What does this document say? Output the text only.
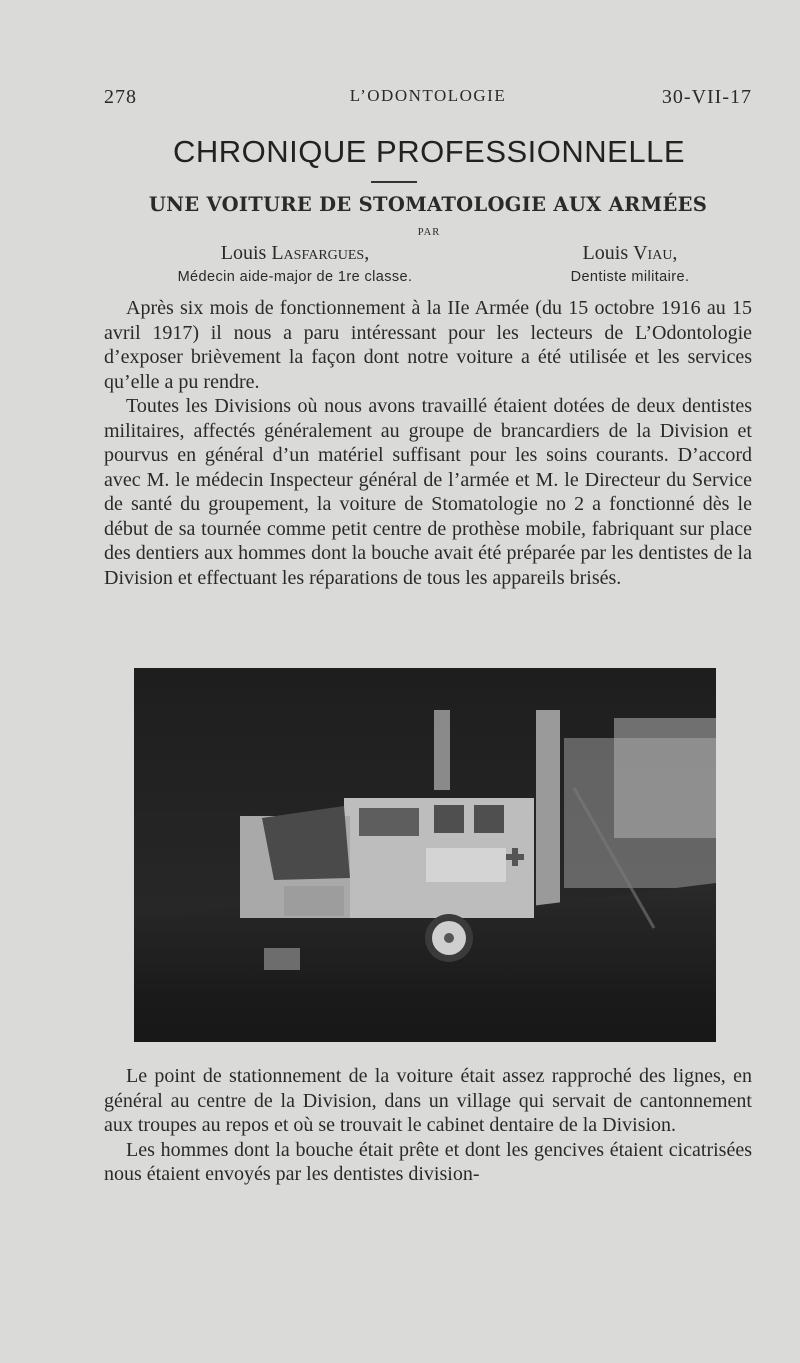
278	L’ODONTOLOGIE	30-VII-17
CHRONIQUE PROFESSIONNELLE
UNE VOITURE DE STOMATOLOGIE AUX ARMÉES
PAR
Louis Lasfargues,
Médecin aide-major de 1re classe.
Louis Viau,
Dentiste militaire.

Après six mois de fonctionnement à la IIe Armée (du 15 octobre 1916 au 15 avril 1917) il nous a paru intéressant pour les lecteurs de L’Odontologie d’exposer brièvement la façon dont notre voiture a été utilisée et les services qu’elle a pu rendre.

Toutes les Divisions où nous avons travaillé étaient dotées de deux dentistes militaires, affectés généralement au groupe de brancardiers de la Division et pourvus en général d’un matériel suffisant pour les soins courants. D’accord avec M. le médecin Inspecteur général de l’armée et M. le Directeur du Service de santé du groupement, la voiture de Stomatologie no 2 a fonctionné dès le début de sa tournée comme petit centre de prothèse mobile, fabriquant sur place des dentiers aux hommes dont la bouche avait été préparée par les dentistes de la Division et effectuant les réparations de tous les appareils brisés.

Le point de stationnement de la voiture était assez rapproché des lignes, en général au centre de la Division, dans un village qui servait de cantonnement aux troupes au repos et où se trouvait le cabinet dentaire de la Division.

Les hommes dont la bouche était prête et dont les gencives étaient cicatrisées nous étaient envoyés par les dentistes division-
